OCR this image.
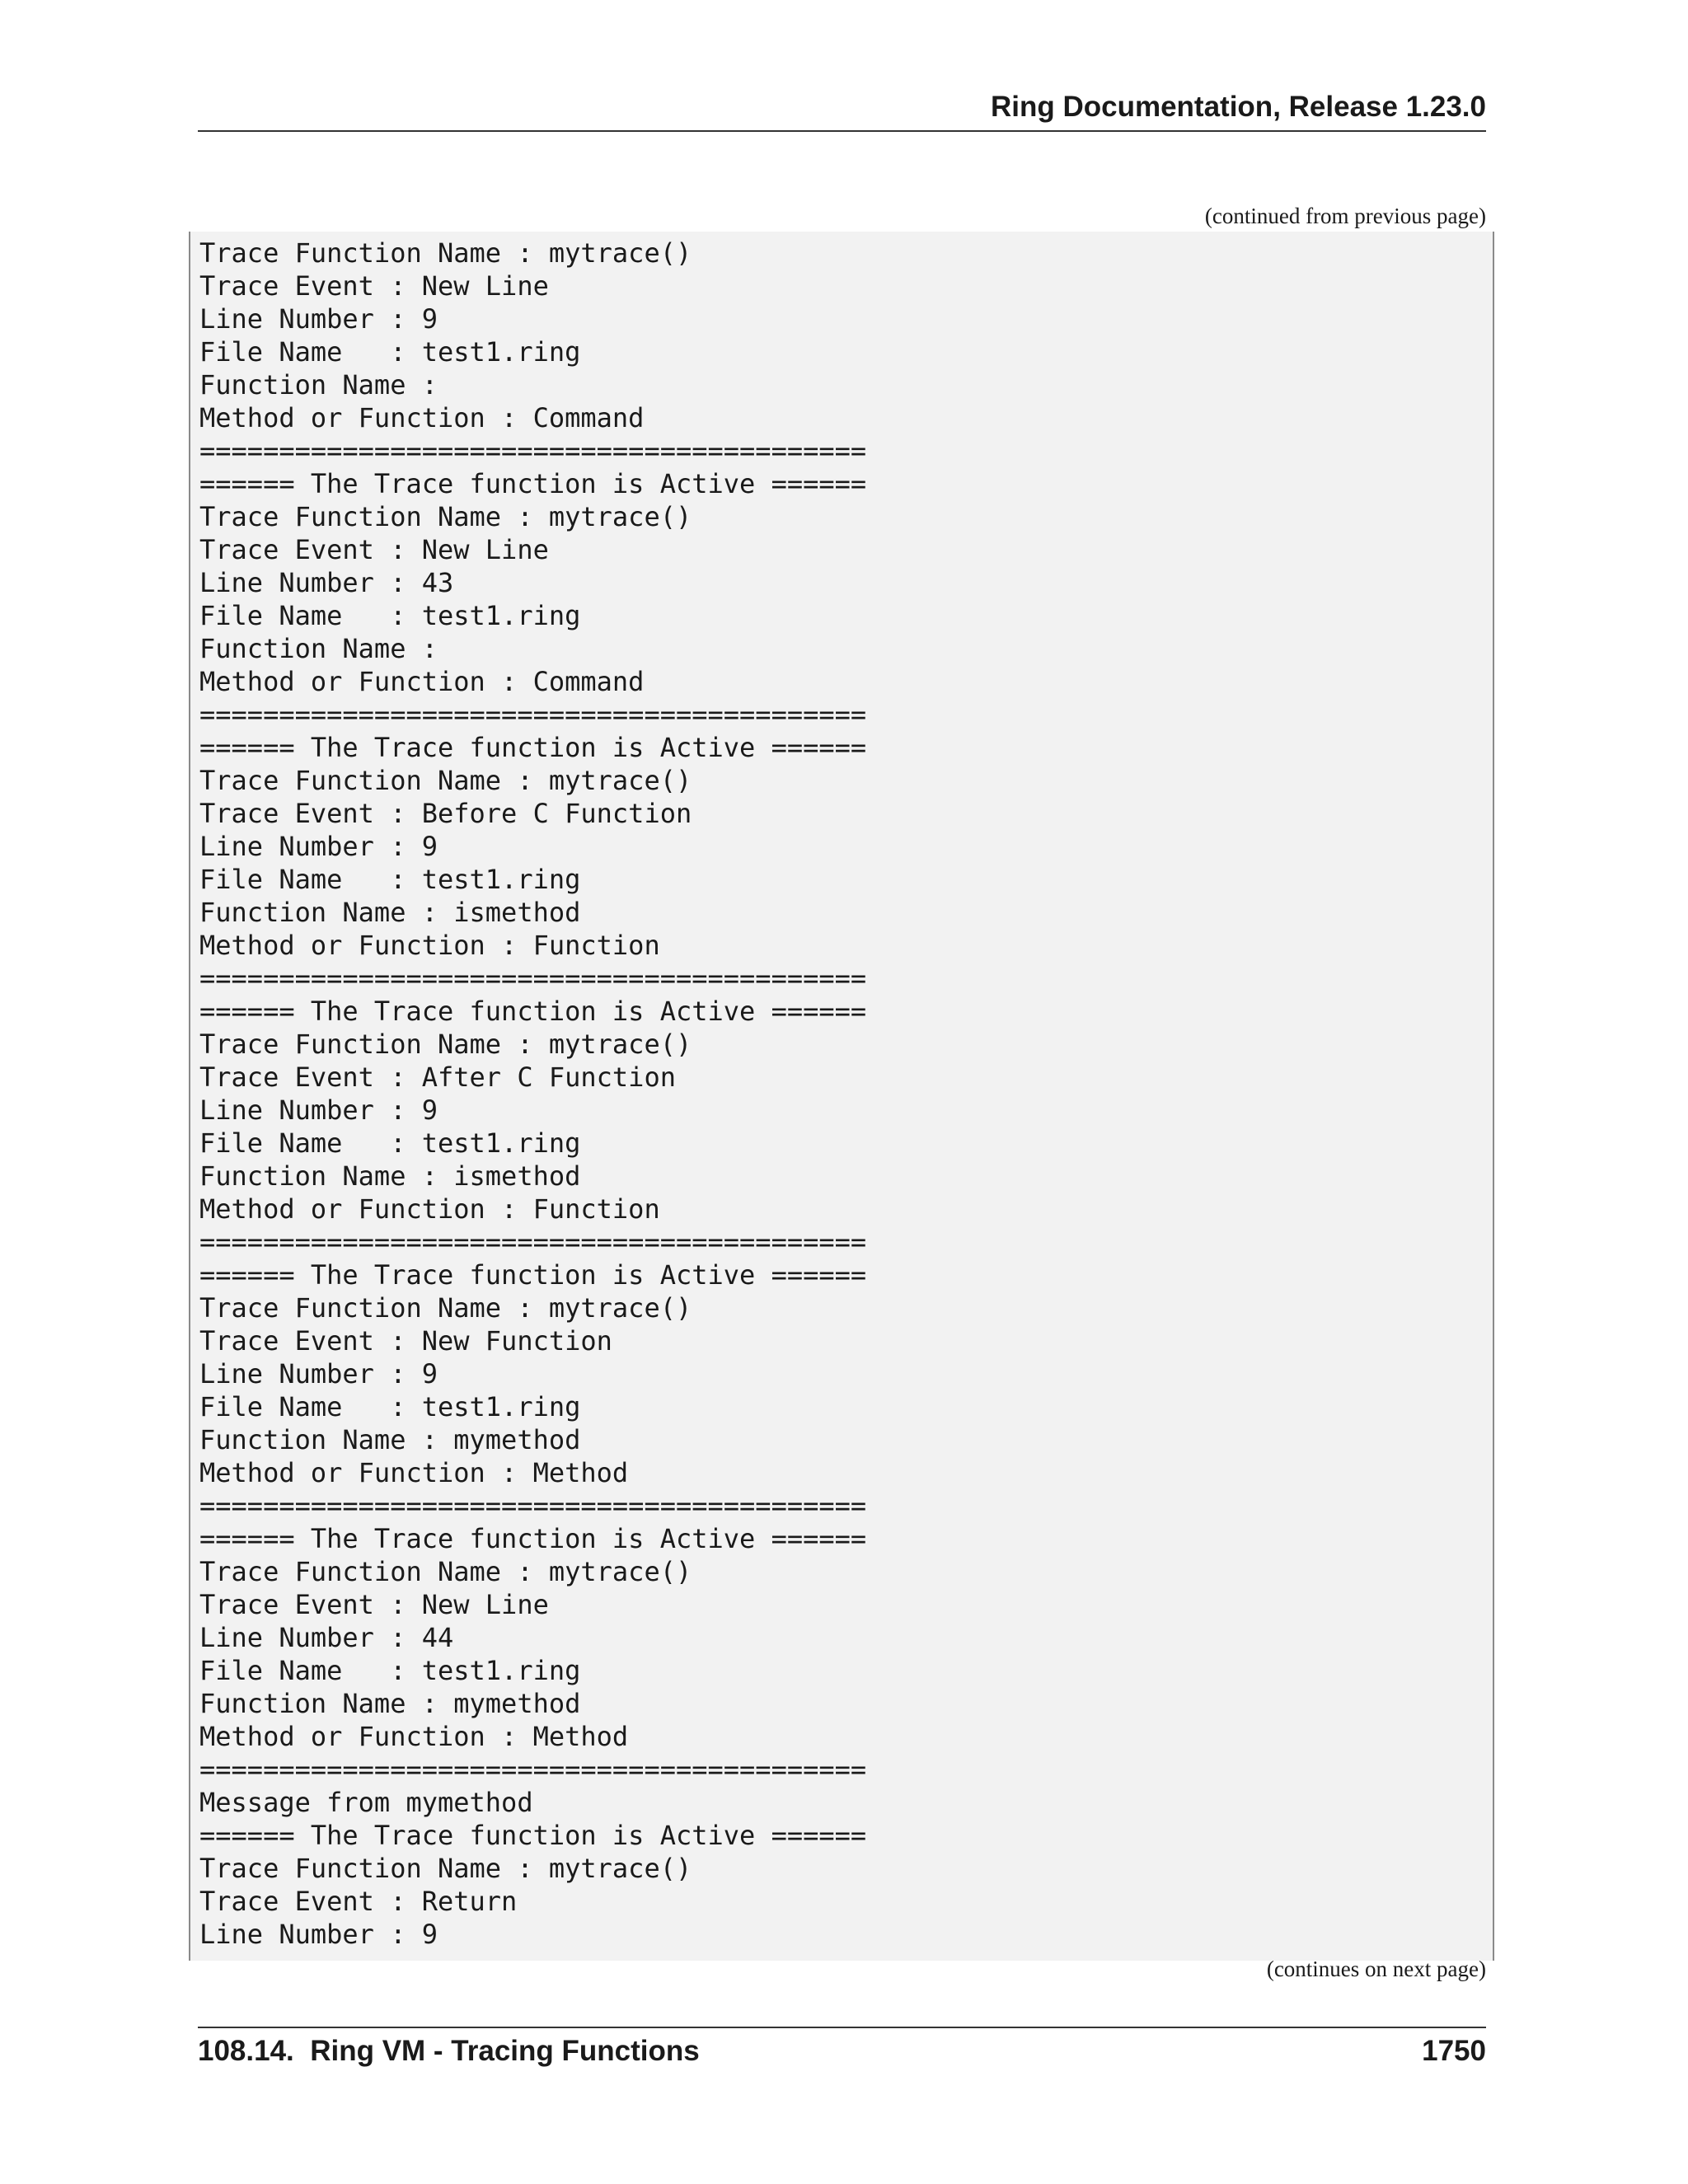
Ring Documentation, Release 1.23.0
(continued from previous page)
Trace Function Name : mytrace()
Trace Event : New Line
Line Number : 9
File Name   : test1.ring
Function Name :
Method or Function : Command
==========================================
====== The Trace function is Active ======
Trace Function Name : mytrace()
Trace Event : New Line
Line Number : 43
File Name   : test1.ring
Function Name :
Method or Function : Command
==========================================
====== The Trace function is Active ======
Trace Function Name : mytrace()
Trace Event : Before C Function
Line Number : 9
File Name   : test1.ring
Function Name : ismethod
Method or Function : Function
==========================================
====== The Trace function is Active ======
Trace Function Name : mytrace()
Trace Event : After C Function
Line Number : 9
File Name   : test1.ring
Function Name : ismethod
Method or Function : Function
==========================================
====== The Trace function is Active ======
Trace Function Name : mytrace()
Trace Event : New Function
Line Number : 9
File Name   : test1.ring
Function Name : mymethod
Method or Function : Method
==========================================
====== The Trace function is Active ======
Trace Function Name : mytrace()
Trace Event : New Line
Line Number : 44
File Name   : test1.ring
Function Name : mymethod
Method or Function : Method
==========================================
Message from mymethod
====== The Trace function is Active ======
Trace Function Name : mytrace()
Trace Event : Return
Line Number : 9
(continues on next page)
108.14.  Ring VM - Tracing Functions	1750
